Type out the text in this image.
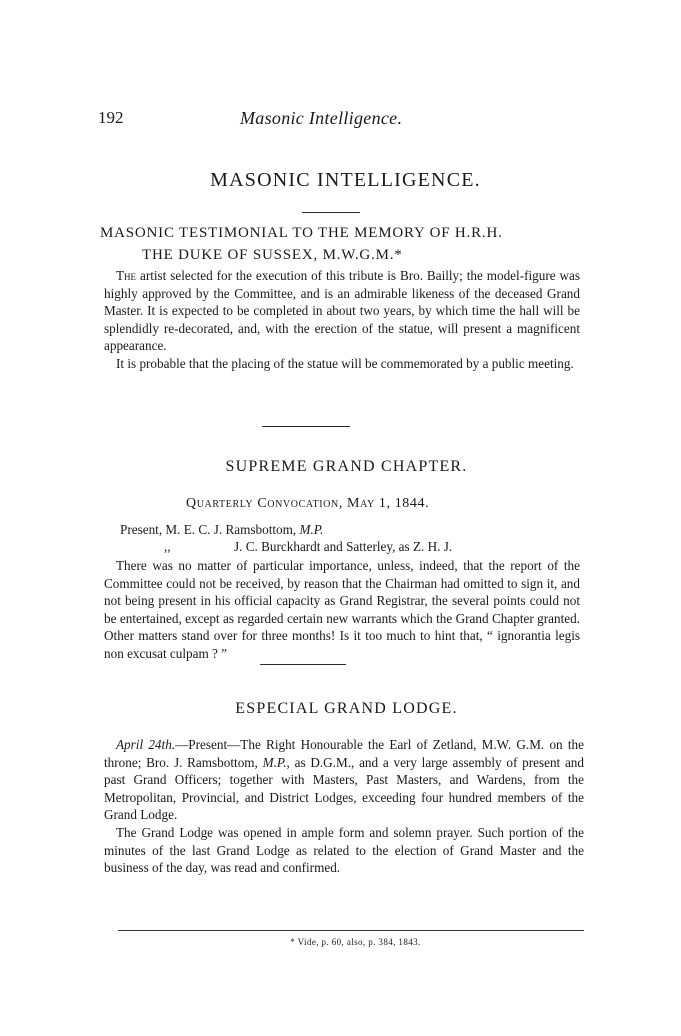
192	Masonic Intelligence.
MASONIC INTELLIGENCE.
MASONIC TESTIMONIAL TO THE MEMORY OF H.R.H.
THE DUKE OF SUSSEX, M.W.G.M.*

The artist selected for the execution of this tribute is Bro. Bailly; the model-figure was highly approved by the Committee, and is an admirable likeness of the deceased Grand Master. It is expected to be completed in about two years, by which time the hall will be splendidly re-decorated, and, with the erection of the statue, will present a magnificent appearance.

It is probable that the placing of the statue will be commemorated by a public meeting.

SUPREME GRAND CHAPTER.
Quarterly Convocation, May 1, 1844.
Present, M. E. C. J. Ramsbottom, M.P.
,,	J. C. Burckhardt and Satterley, as Z. H. J.

There was no matter of particular importance, unless, indeed, that the report of the Committee could not be received, by reason that the Chairman had omitted to sign it, and not being present in his official capacity as Grand Registrar, the several points could not be entertained, except as regarded certain new warrants which the Grand Chapter granted. Other matters stand over for three months! Is it too much to hint that, “ ignorantia legis non excusat culpam ? ”

ESPECIAL GRAND LODGE.

April 24th.—Present—The Right Honourable the Earl of Zetland, M.W. G.M. on the throne; Bro. J. Ramsbottom, M.P., as D.G.M., and a very large assembly of present and past Grand Officers; together with Masters, Past Masters, and Wardens, from the Metropolitan, Provincial, and District Lodges, exceeding four hundred members of the Grand Lodge.

The Grand Lodge was opened in ample form and solemn prayer. Such portion of the minutes of the last Grand Lodge as related to the election of Grand Master and the business of the day, was read and confirmed.

* Vide, p. 60, also, p. 384, 1843.
